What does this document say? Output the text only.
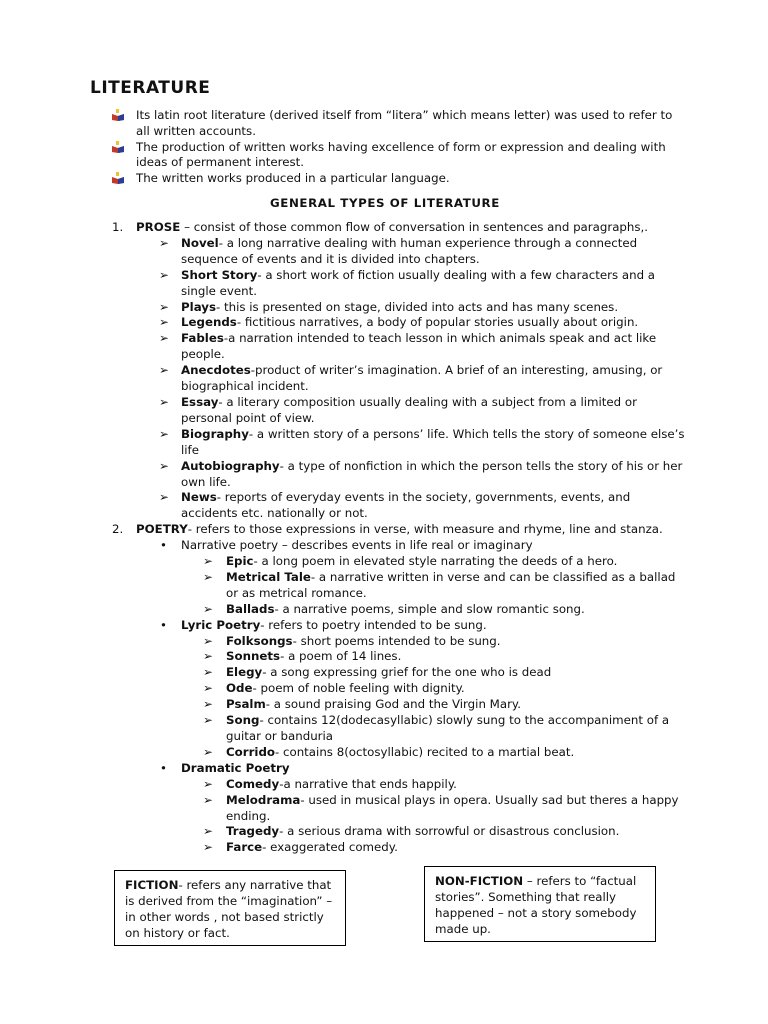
LITERATURE
Its latin root literature (derived itself from “litera” which means letter) was used to refer to all written accounts.
The production of written works having excellence of form or expression and dealing with ideas of permanent interest.
The written works produced in a particular language.
GENERAL TYPES OF LITERATURE
1. PROSE – consist of those common flow of conversation in sentences and paragraphs,.
➢ Novel- a long narrative dealing with human experience through a connected sequence of events and it is divided into chapters.
➢ Short Story- a short work of fiction usually dealing with a few characters and a single event.
➢ Plays- this is presented on stage, divided into acts and has many scenes.
➢ Legends- fictitious narratives, a body of popular stories usually about origin.
➢ Fables-a narration intended to teach lesson in which animals speak and act like people.
➢ Anecdotes-product of writer’s imagination. A brief of an interesting, amusing, or biographical incident.
➢ Essay- a literary composition usually dealing with a subject from a limited or personal point of view.
➢ Biography- a written story of a persons’ life. Which tells the story of someone else’s life
➢ Autobiography- a type of nonfiction in which the person tells the story of his or her own life.
➢ News- reports of everyday events in the society, governments, events, and accidents etc. nationally or not.
2. POETRY- refers to those expressions in verse, with measure and rhyme, line and stanza.
• Narrative poetry – describes events in life real or imaginary
➢ Epic- a long poem in elevated style narrating the deeds of a hero.
➢ Metrical Tale- a narrative written in verse and can be classified as a ballad or as metrical romance.
➢ Ballads- a narrative poems, simple and slow romantic song.
• Lyric Poetry- refers to poetry intended to be sung.
➢ Folksongs- short poems intended to be sung.
➢ Sonnets- a poem of 14 lines.
➢ Elegy- a song expressing grief for the one who is dead
➢ Ode- poem of noble feeling with dignity.
➢ Psalm- a sound praising God and the Virgin Mary.
➢ Song- contains 12(dodecasyllabic) slowly sung to the accompaniment of a guitar or banduria
➢ Corrido- contains 8(octosyllabic) recited to a martial beat.
• Dramatic Poetry
➢ Comedy-a narrative that ends happily.
➢ Melodrama- used in musical plays in opera. Usually sad but theres a happy ending.
➢ Tragedy- a serious drama with sorrowful or disastrous conclusion.
➢ Farce- exaggerated comedy.
FICTION- refers any narrative that is derived from the “imagination” –in other words , not based strictly on history or fact.
NON-FICTION – refers to “factual stories”. Something that really happened – not a story somebody made up.
